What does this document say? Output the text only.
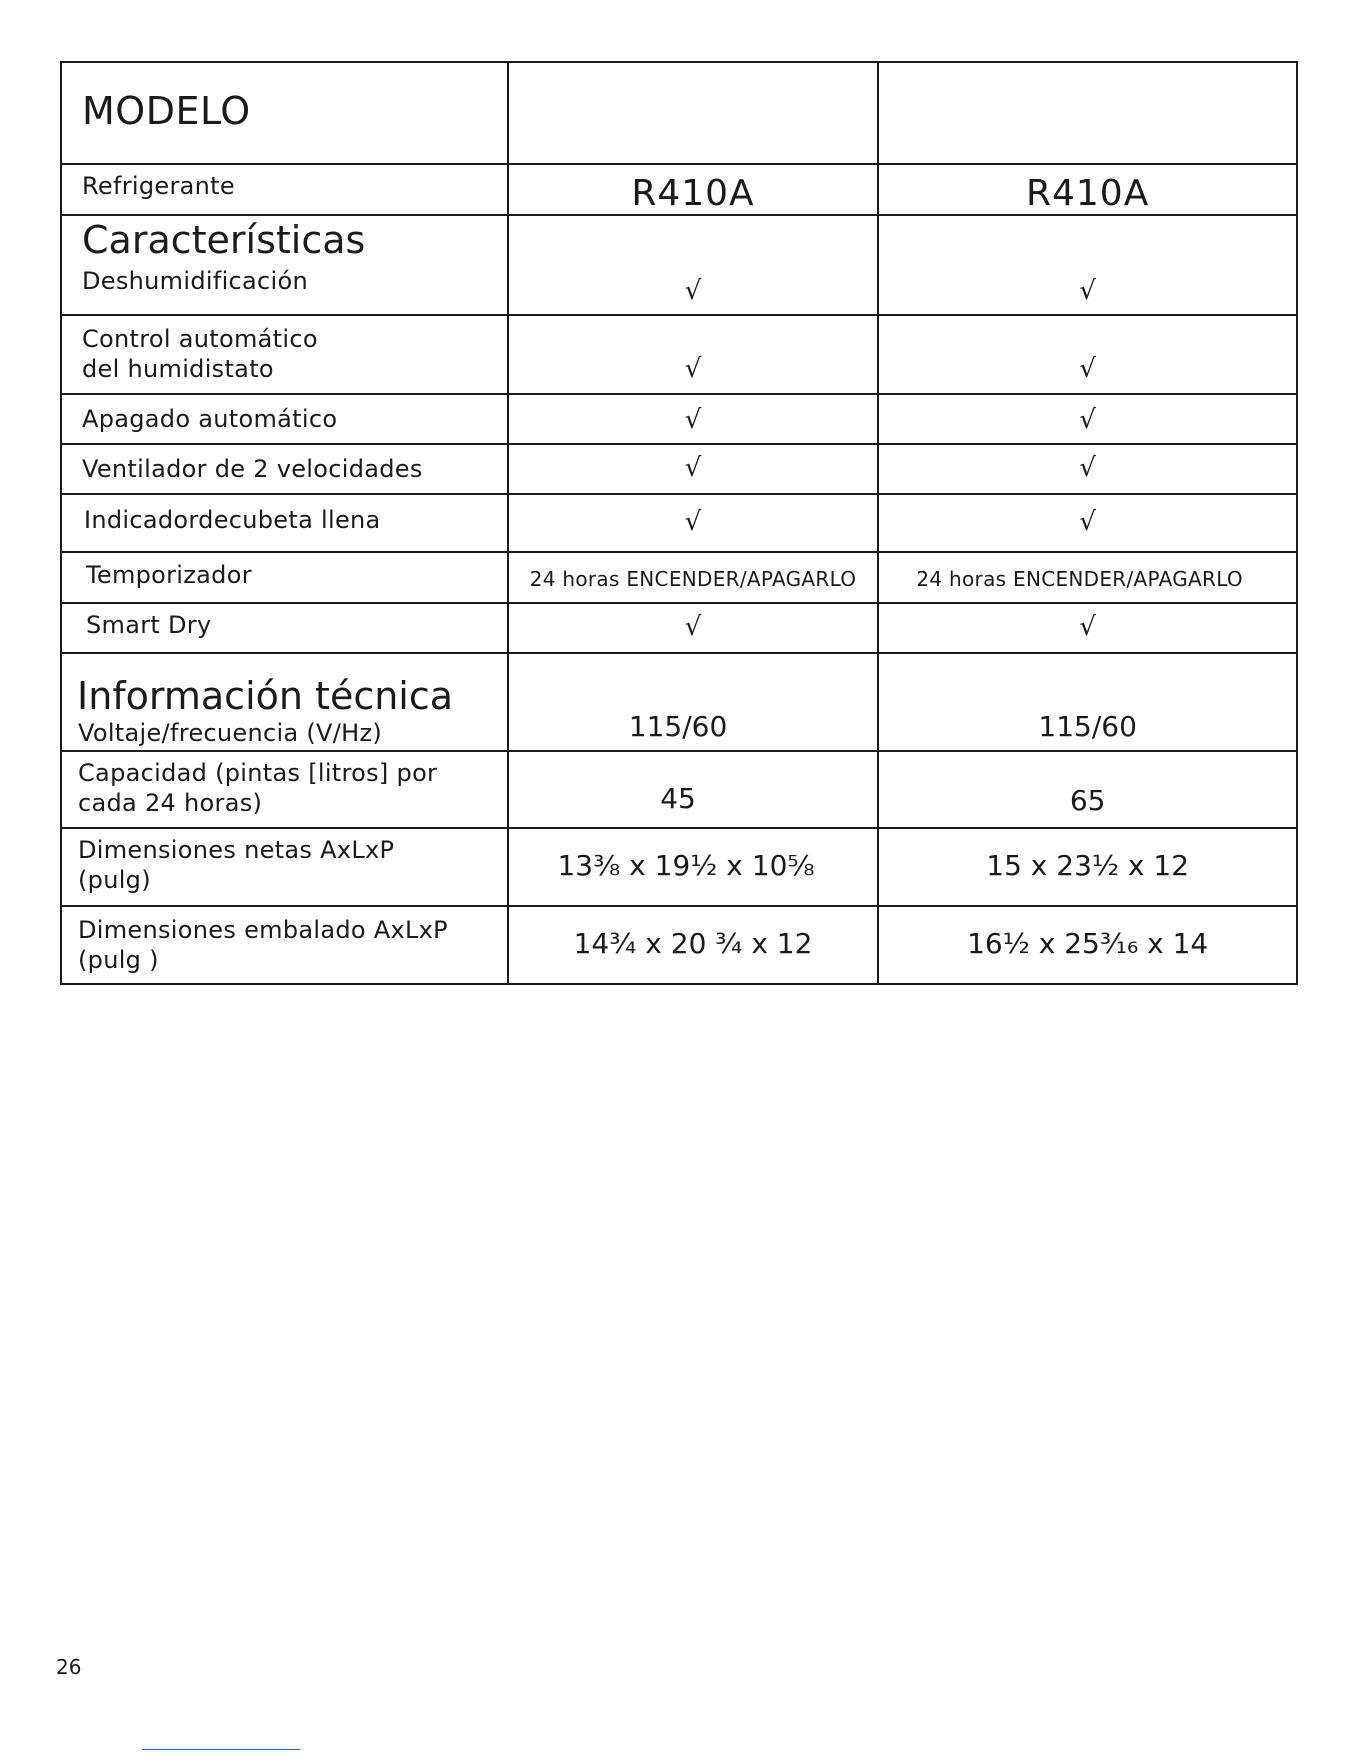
MODELO		

Refrigerante	R410A	R410A

Características
Deshumidificación	√	√

Control automático
del humidistato	√	√

Apagado automático	√	√

Ventilador de 2 velocidades	√	√

Indicadordecubeta llena	√	√

Temporizador	24 horas ENCENDER/APAGARLO	24 horas ENCENDER/APAGARLO

Smart Dry	√	√

Información técnica
Voltaje/frecuencia (V/Hz)	115/60	115/60

Capacidad (pintas [litros] por
cada 24 horas)	45	65

Dimensiones netas AxLxP
(pulg)	13⅜ x 19½ x 10⅝	15 x 23½ x 12

Dimensiones embalado AxLxP
(pulg )	14¾ x 20 ¾ x 12	16½ x 25³⁄₁₆ x 14
26
